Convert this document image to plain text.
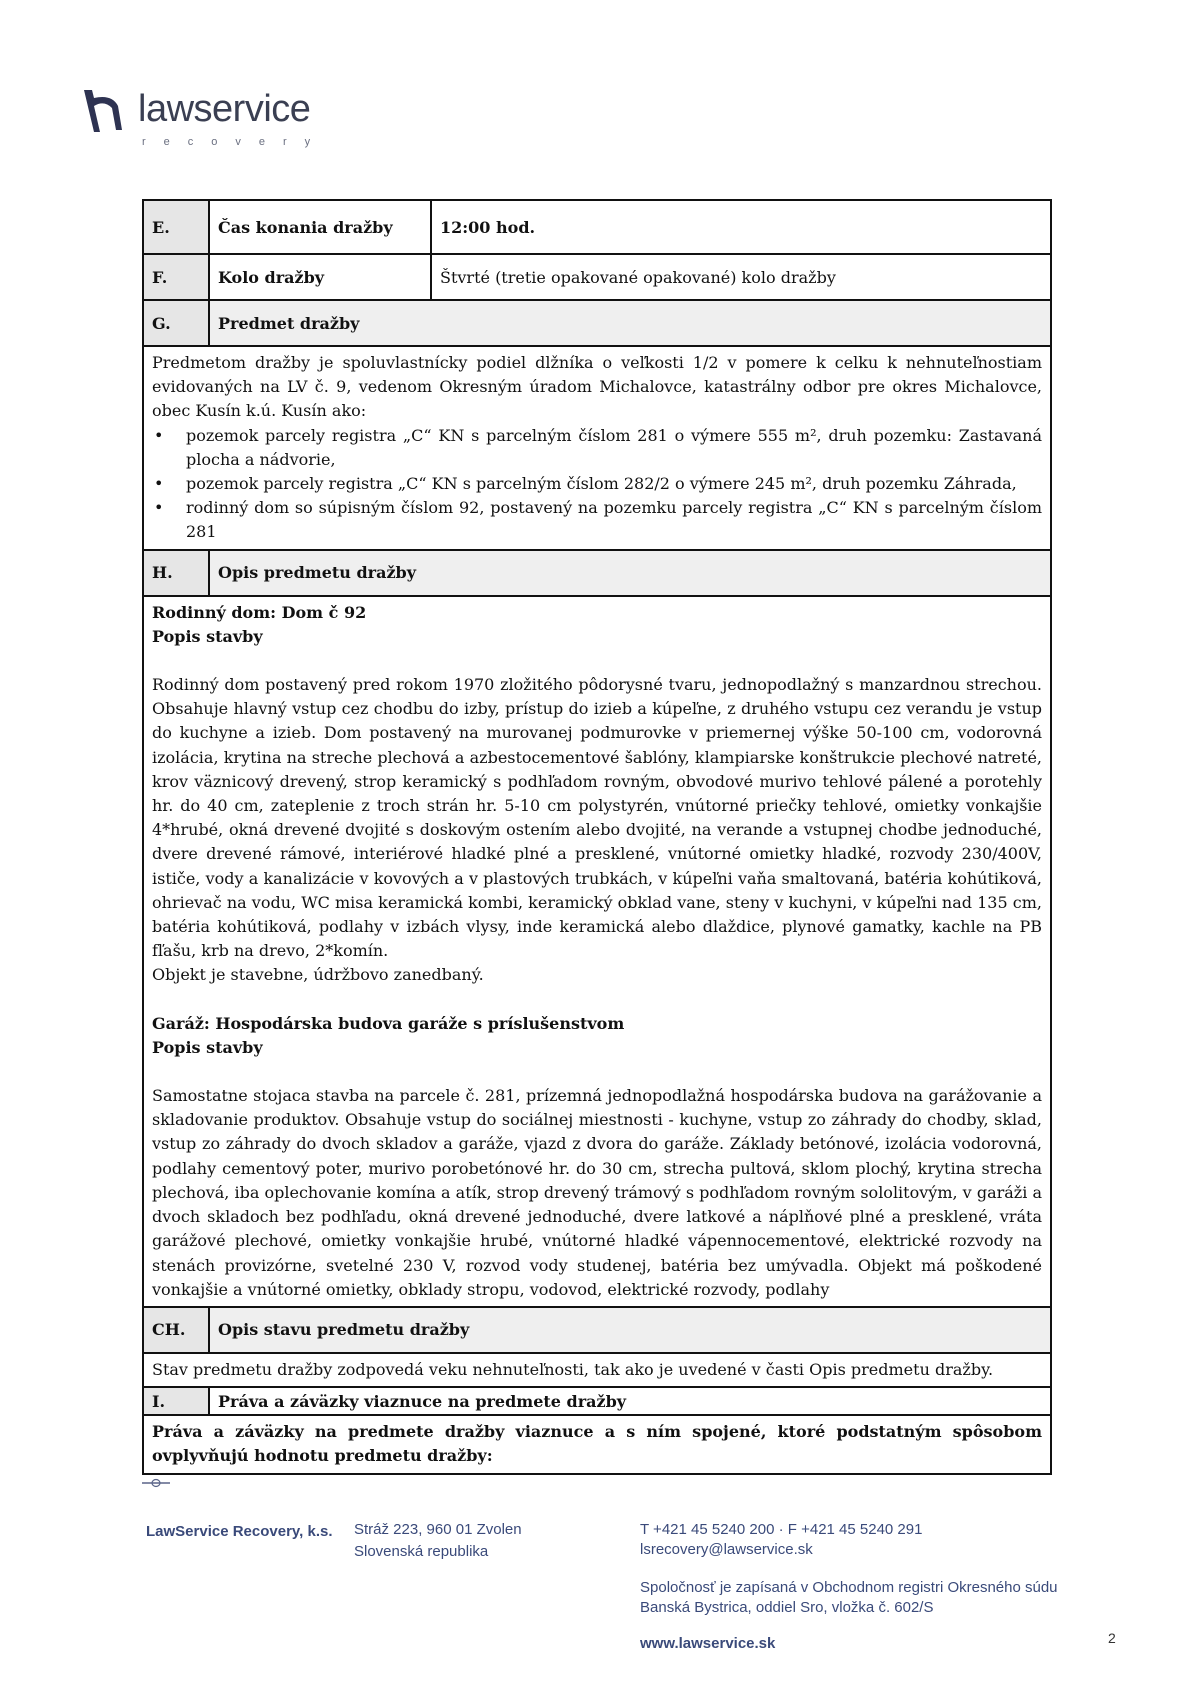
lawservice
recovery
E.	Čas konania dražby	12:00 hod.
F.	Kolo dražby	Štvrté (tretie opakované opakované) kolo dražby
G.	Predmet dražby

Predmetom dražby je spoluvlastnícky podiel dlžníka o veľkosti 1/2 v pomere k celku k nehnuteľnostiam evidovaných na LV č. 9, vedenom Okresným úradom Michalovce, katastrálny odbor pre okres Michalovce, obec Kusín k.ú. Kusín ako:

• pozemok parcely registra „C“ KN s parcelným číslom 281 o výmere 555 m², druh pozemku: Zastavaná plocha a nádvorie,
• pozemok parcely registra „C“ KN s parcelným číslom 282/2 o výmere 245 m², druh pozemku Záhrada,
• rodinný dom so súpisným číslom 92, postavený na pozemku parcely registra „C“ KN s parcelným číslom 281
H.	Opis predmetu dražby

Rodinný dom: Dom č 92

Popis stavby

Rodinný dom postavený pred rokom 1970 zložitého pôdorysné tvaru, jednopodlažný s manzardnou strechou. Obsahuje hlavný vstup cez chodbu do izby, prístup do izieb a kúpeľne, z druhého vstupu cez verandu je vstup do kuchyne a izieb. Dom postavený na murovanej podmurovke v priemernej výške 50-100 cm, vodorovná izolácia, krytina na streche plechová a azbestocementové šablóny, klampiarske konštrukcie plechové natreté, krov väznicový drevený, strop keramický s podhľadom rovným, obvodové murivo tehlové pálené a porotehly hr. do 40 cm, zateplenie z troch strán hr. 5-10 cm polystyrén, vnútorné priečky tehlové, omietky vonkajšie 4*hrubé, okná drevené dvojité s doskovým ostením alebo dvojité, na verande a vstupnej chodbe jednoduché, dvere drevené rámové, interiérové hladké plné a presklené, vnútorné omietky hladké, rozvody 230/400V, ističe, vody a kanalizácie v kovových a v plastových trubkách, v kúpeľni vaňa smaltovaná, batéria kohútiková, ohrievač na vodu, WC misa keramická kombi, keramický obklad vane, steny v kuchyni, v kúpeľni nad 135 cm, batéria kohútiková, podlahy v izbách vlysy, inde keramická alebo dlaždice, plynové gamatky, kachle na PB fľašu, krb na drevo, 2*komín.

Objekt je stavebne, údržbovo zanedbaný.

Garáž: Hospodárska budova garáže s príslušenstvom

Popis stavby

Samostatne stojaca stavba na parcele č. 281, prízemná jednopodlažná hospodárska budova na garážovanie a skladovanie produktov. Obsahuje vstup do sociálnej miestnosti - kuchyne, vstup zo záhrady do chodby, sklad, vstup zo záhrady do dvoch skladov a garáže, vjazd z dvora do garáže. Základy betónové, izolácia vodorovná, podlahy cementový poter, murivo porobetónové hr. do 30 cm, strecha pultová, sklom plochý, krytina strecha plechová, iba oplechovanie komína a atík, strop drevený trámový s podhľadom rovným sololitovým, v garáži a dvoch skladoch bez podhľadu, okná drevené jednoduché, dvere latkové a náplňové plné a presklené, vráta garážové plechové, omietky vonkajšie hrubé, vnútorné hladké vápennocementové, elektrické rozvody na stenách provizórne, svetelné 230 V, rozvod vody studenej, batéria bez umývadla. Objekt má poškodené vonkajšie a vnútorné omietky, obklady stropu, vodovod, elektrické rozvody, podlahy

CH.	Opis stavu predmetu dražby
Stav predmetu dražby zodpovedá veku nehnuteľnosti, tak ako je uvedené v časti Opis predmetu dražby.
I.	Práva a záväzky viaznuce na predmete dražby
Práva a záväzky na predmete dražby viaznuce a s ním spojené, ktoré podstatným spôsobom ovplyvňujú hodnotu predmetu dražby:
LawService Recovery, k.s. Stráž 223, 960 01 Zvolen
Slovenská republika
T +421 45 5240 200 · F +421 45 5240 291
lsrecovery@lawservice.sk
Spoločnosť je zapísaná v Obchodnom registri Okresného súdu
Banská Bystrica, oddiel Sro, vložka č. 602/S
www.lawservice.sk	2
